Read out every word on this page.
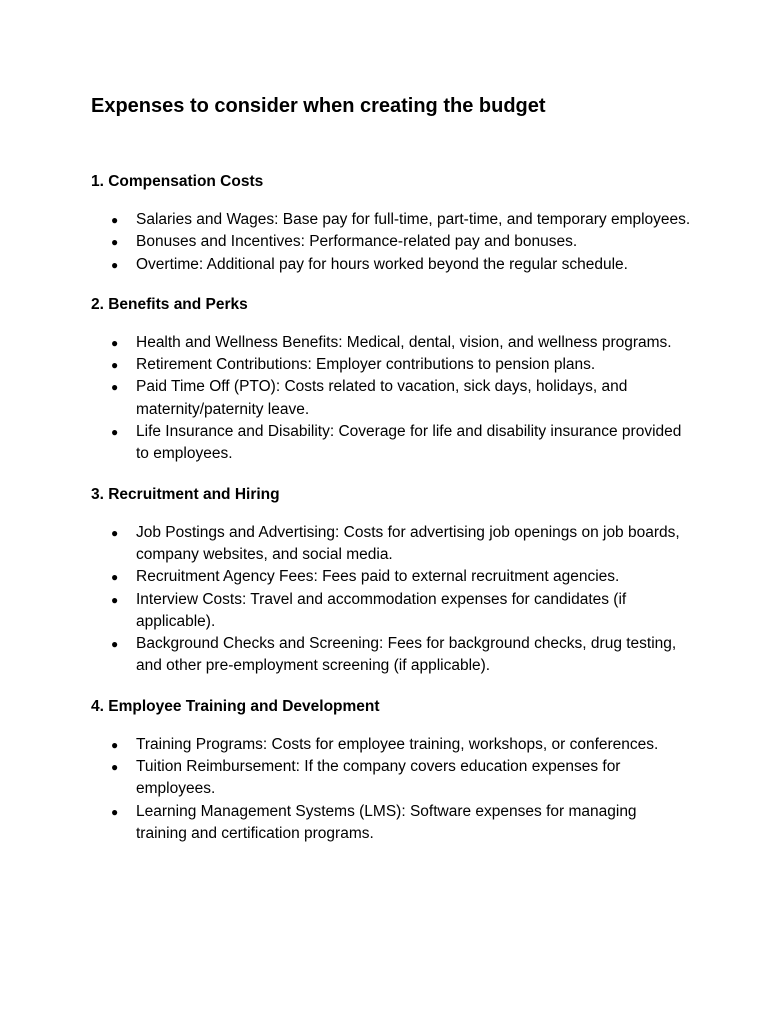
Expenses to consider when creating the budget
1. Compensation Costs
● Salaries and Wages: Base pay for full-time, part-time, and temporary employees.
● Bonuses and Incentives: Performance-related pay and bonuses.
● Overtime: Additional pay for hours worked beyond the regular schedule.
2. Benefits and Perks
● Health and Wellness Benefits: Medical, dental, vision, and wellness programs.
● Retirement Contributions: Employer contributions to pension plans.
● Paid Time Off (PTO): Costs related to vacation, sick days, holidays, and maternity/paternity leave.
● Life Insurance and Disability: Coverage for life and disability insurance provided to employees.
3. Recruitment and Hiring
● Job Postings and Advertising: Costs for advertising job openings on job boards, company websites, and social media.
● Recruitment Agency Fees: Fees paid to external recruitment agencies.
● Interview Costs: Travel and accommodation expenses for candidates (if applicable).
● Background Checks and Screening: Fees for background checks, drug testing, and other pre-employment screening (if applicable).
4. Employee Training and Development
● Training Programs: Costs for employee training, workshops, or conferences.
● Tuition Reimbursement: If the company covers education expenses for employees.
● Learning Management Systems (LMS): Software expenses for managing training and certification programs.
